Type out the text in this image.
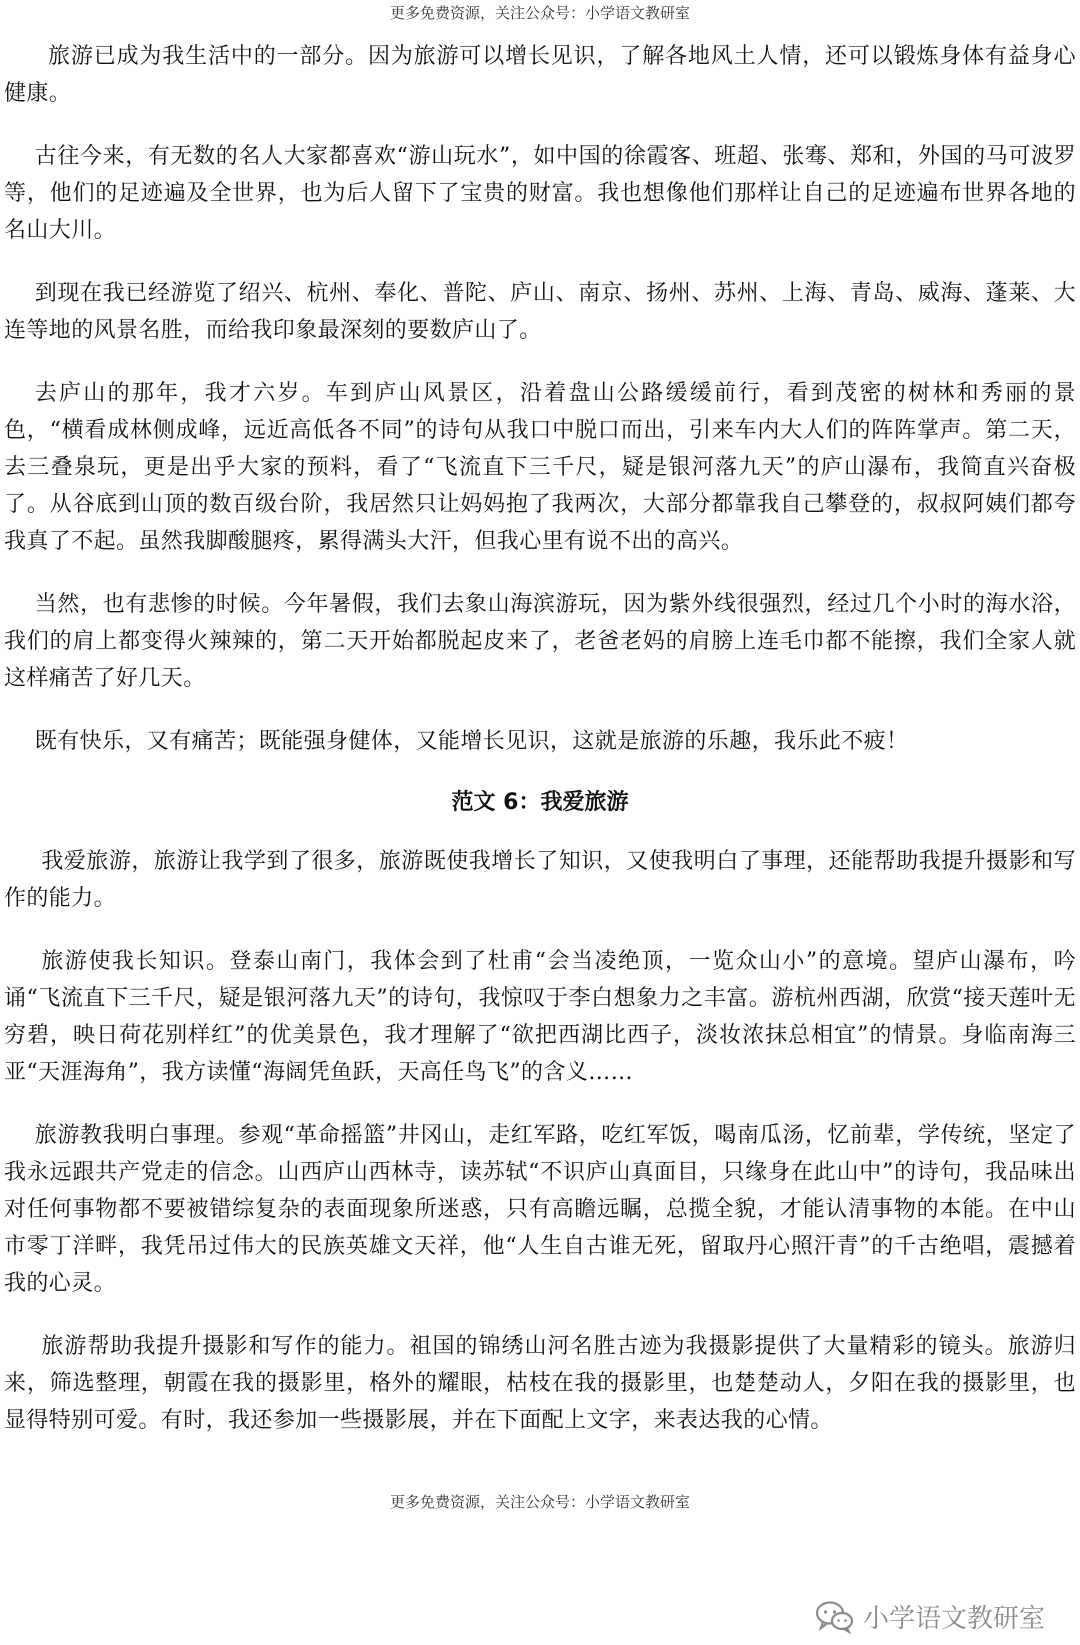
更多免费资源，关注公众号：小学语文教研室

旅游已成为我生活中的一部分。因为旅游可以增长见识，了解各地风土人情，还可以锻炼身体有益身心健康。

古往今来，有无数的名人大家都喜欢“游山玩水”，如中国的徐霞客、班超、张骞、郑和，外国的马可波罗等，他们的足迹遍及全世界，也为后人留下了宝贵的财富。我也想像他们那样让自己的足迹遍布世界各地的名山大川。

到现在我已经游览了绍兴、杭州、奉化、普陀、庐山、南京、扬州、苏州、上海、青岛、威海、蓬莱、大连等地的风景名胜，而给我印象最深刻的要数庐山了。

去庐山的那年，我才六岁。车到庐山风景区，沿着盘山公路缓缓前行，看到茂密的树林和秀丽的景色，“横看成林侧成峰，远近高低各不同”的诗句从我口中脱口而出，引来车内大人们的阵阵掌声。第二天，去三叠泉玩，更是出乎大家的预料，看了“飞流直下三千尺，疑是银河落九天”的庐山瀑布，我简直兴奋极了。从谷底到山顶的数百级台阶，我居然只让妈妈抱了我两次，大部分都靠我自己攀登的，叔叔阿姨们都夸我真了不起。虽然我脚酸腿疼，累得满头大汗，但我心里有说不出的高兴。

当然，也有悲惨的时候。今年暑假，我们去象山海滨游玩，因为紫外线很强烈，经过几个小时的海水浴，我们的肩上都变得火辣辣的，第二天开始都脱起皮来了，老爸老妈的肩膀上连毛巾都不能擦，我们全家人就这样痛苦了好几天。

既有快乐，又有痛苦；既能强身健体，又能增长见识，这就是旅游的乐趣，我乐此不疲！

范文 6：我爱旅游

我爱旅游，旅游让我学到了很多，旅游既使我增长了知识，又使我明白了事理，还能帮助我提升摄影和写作的能力。

旅游使我长知识。登泰山南门，我体会到了杜甫“会当凌绝顶，一览众山小”的意境。望庐山瀑布，吟诵“飞流直下三千尺，疑是银河落九天”的诗句，我惊叹于李白想象力之丰富。游杭州西湖，欣赏“接天莲叶无穷碧，映日荷花别样红”的优美景色，我才理解了“欲把西湖比西子，淡妆浓抹总相宜”的情景。身临南海三亚“天涯海角”，我方读懂“海阔凭鱼跃，天高任鸟飞”的含义……

旅游教我明白事理。参观“革命摇篮”井冈山，走红军路，吃红军饭，喝南瓜汤，忆前辈，学传统，坚定了我永远跟共产党走的信念。山西庐山西林寺，读苏轼“不识庐山真面目，只缘身在此山中”的诗句，我品味出对任何事物都不要被错综复杂的表面现象所迷惑，只有高瞻远瞩，总揽全貌，才能认清事物的本能。在中山市零丁洋畔，我凭吊过伟大的民族英雄文天祥，他“人生自古谁无死，留取丹心照汗青”的千古绝唱，震撼着我的心灵。

旅游帮助我提升摄影和写作的能力。祖国的锦绣山河名胜古迹为我摄影提供了大量精彩的镜头。旅游归来，筛选整理，朝霞在我的摄影里，格外的耀眼，枯枝在我的摄影里，也楚楚动人，夕阳在我的摄影里，也显得特别可爱。有时，我还参加一些摄影展，并在下面配上文字，来表达我的心情。

更多免费资源，关注公众号：小学语文教研室
小学语文教研室
